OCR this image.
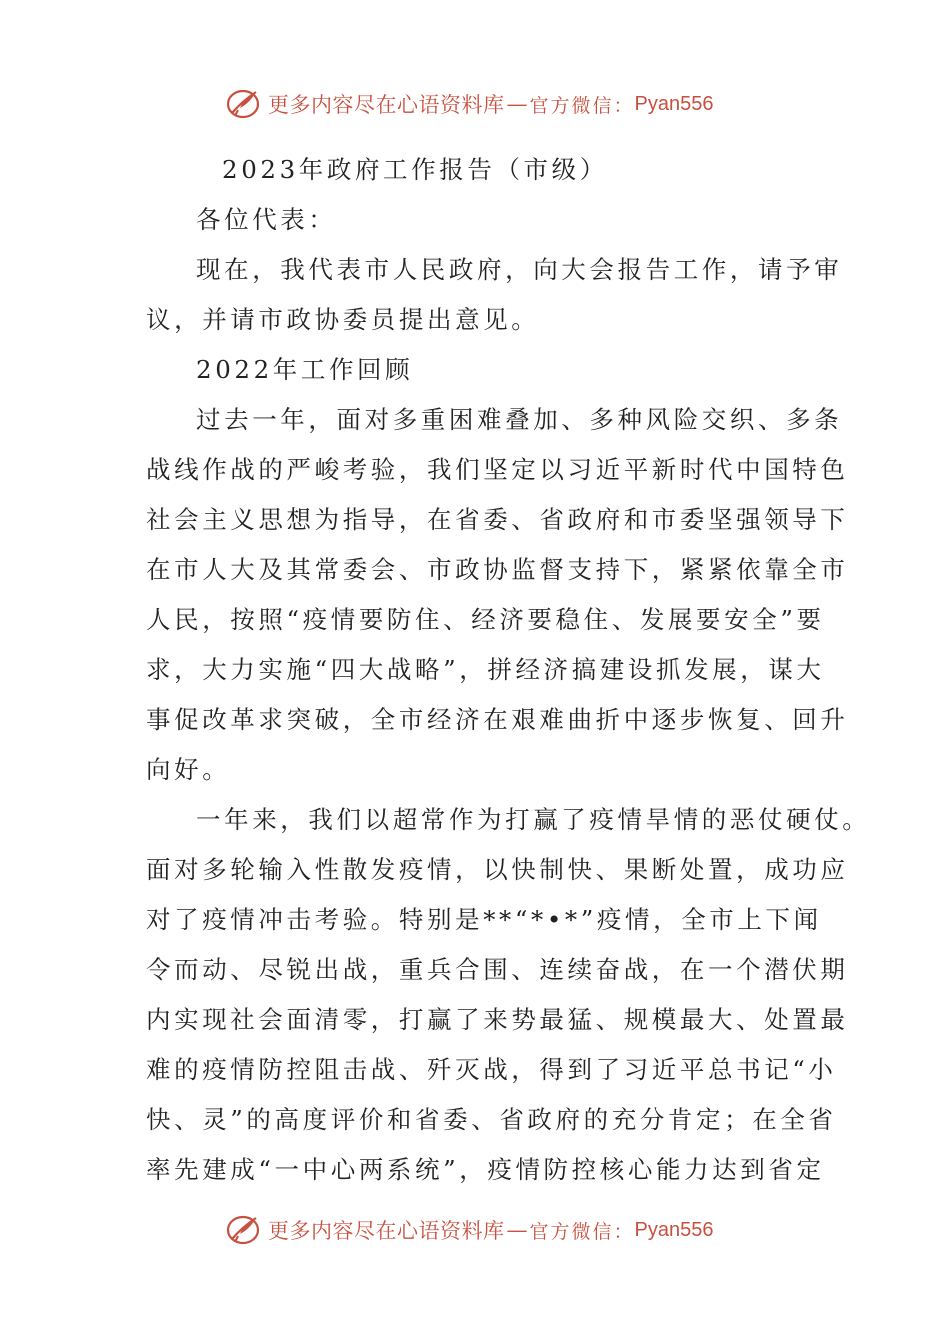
更多内容尽在心语资料库 — 官方微信： Pyan556
2023年政府工作报告（市级）
各位代表：
现在，我代表市人民政府，向大会报告工作，请予审
议，并请市政协委员提出意见。
2022年工作回顾
过去一年，面对多重困难叠加、多种风险交织、多条
战线作战的严峻考验，我们坚定以习近平新时代中国特色
社会主义思想为指导，在省委、省政府和市委坚强领导下
在市人大及其常委会、市政协监督支持下，紧紧依靠全市
人民，按照“疫情要防住、经济要稳住、发展要安全”要
求，大力实施“四大战略”，拼经济搞建设抓发展，谋大
事促改革求突破，全市经济在艰难曲折中逐步恢复、回升
向好。
一年来，我们以超常作为打赢了疫情旱情的恶仗硬仗。
面对多轮输入性散发疫情，以快制快、果断处置，成功应
对了疫情冲击考验。特别是**“*•*”疫情，全市上下闻
令而动、尽锐出战，重兵合围、连续奋战，在一个潜伏期
内实现社会面清零，打赢了来势最猛、规模最大、处置最
难的疫情防控阻击战、歼灭战，得到了习近平总书记“小
快、灵”的高度评价和省委、省政府的充分肯定；在全省
率先建成“一中心两系统”，疫情防控核心能力达到省定
更多内容尽在心语资料库 — 官方微信： Pyan556
